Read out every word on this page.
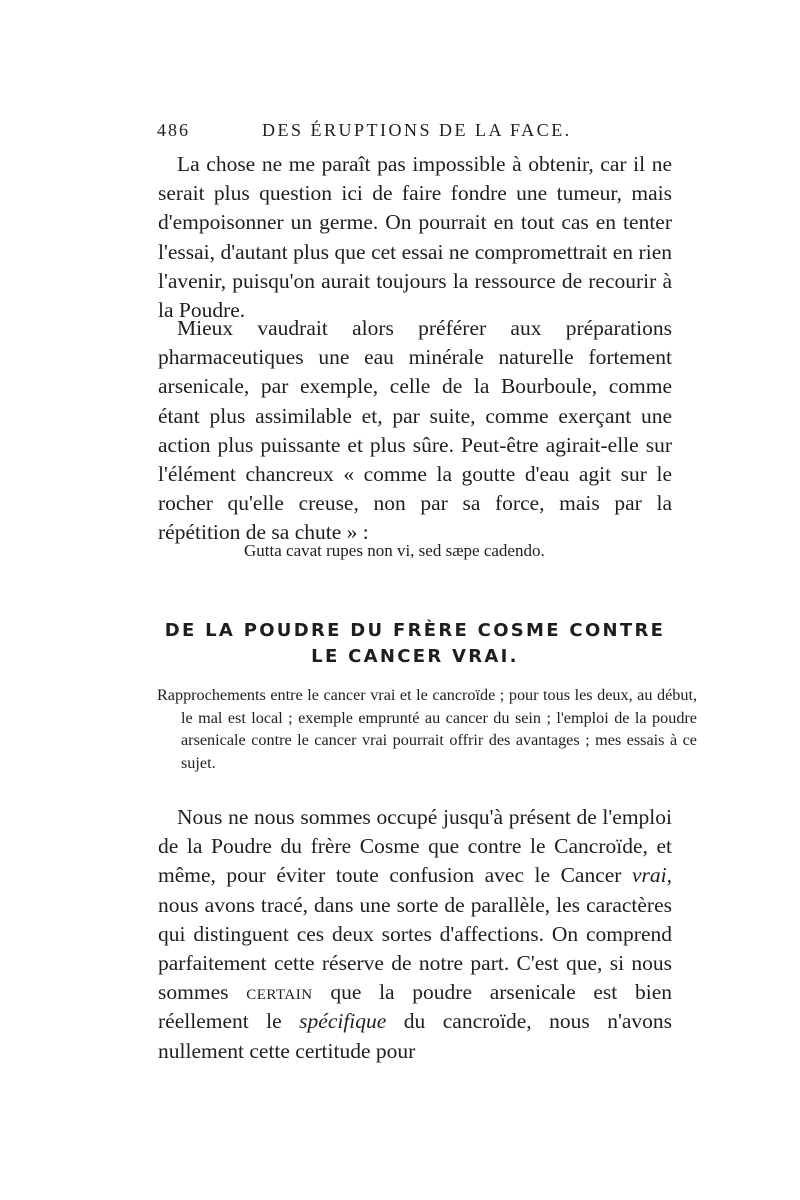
486	DES ÉRUPTIONS DE LA FACE.

La chose ne me paraît pas impossible à obtenir, car il ne serait plus question ici de faire fondre une tumeur, mais d'empoisonner un germe. On pourrait en tout cas en tenter l'essai, d'autant plus que cet essai ne compromettrait en rien l'avenir, puisqu'on aurait toujours la ressource de recourir à la Poudre.

Mieux vaudrait alors préférer aux préparations pharmaceutiques une eau minérale naturelle fortement arsenicale, par exemple, celle de la Bourboule, comme étant plus assimilable et, par suite, comme exerçant une action plus puissante et plus sûre. Peut-être agirait-elle sur l'élément chancreux « comme la goutte d'eau agit sur le rocher qu'elle creuse, non par sa force, mais par la répétition de sa chute » :

Gutta cavat rupes non vi, sed sæpe cadendo.

DE LA POUDRE DU FRÈRE COSME CONTRE
LE CANCER VRAI.

Rapprochements entre le cancer vrai et le cancroïde ; pour tous les deux, au début, le mal est local ; exemple emprunté au cancer du sein ; l'emploi de la poudre arsenicale contre le cancer vrai pourrait offrir des avantages ; mes essais à ce sujet.

Nous ne nous sommes occupé jusqu'à présent de l'emploi de la Poudre du frère Cosme que contre le Cancroïde, et même, pour éviter toute confusion avec le Cancer vrai, nous avons tracé, dans une sorte de parallèle, les caractères qui distinguent ces deux sortes d'affections. On comprend parfaitement cette réserve de notre part. C'est que, si nous sommes certain que la poudre arsenicale est bien réellement le spécifique du cancroïde, nous n'avons nullement cette certitude pour
